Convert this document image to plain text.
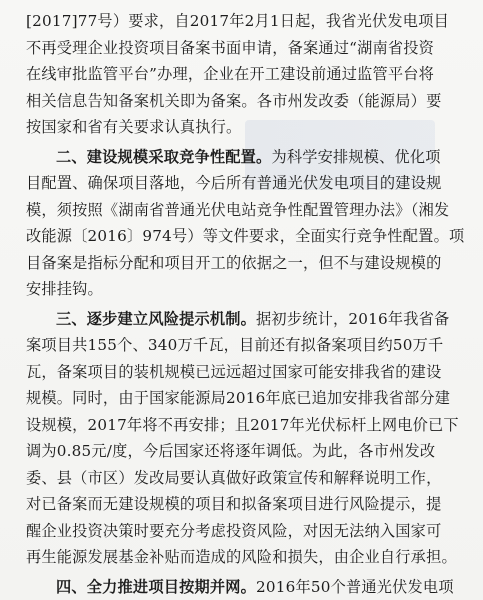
[2017]77号）要求，自2017年2月1日起，我省光伏发电项目
不再受理企业投资项目备案书面申请，备案通过“湖南省投资
在线审批监管平台”办理，企业在开工建设前通过监管平台将
相关信息告知备案机关即为备案。各市州发改委（能源局）要
按国家和省有关要求认真执行。
二、建设规模采取竞争性配置。为科学安排规模、优化项
目配置、确保项目落地，今后所有普通光伏发电项目的建设规
模，须按照《湖南省普通光伏电站竞争性配置管理办法》（湘发
改能源〔2016〕974号）等文件要求，全面实行竞争性配置。项
目备案是指标分配和项目开工的依据之一，但不与建设规模的
安排挂钩。
三、逐步建立风险提示机制。据初步统计，2016年我省备
案项目共155个、340万千瓦，目前还有拟备案项目约50万千
瓦，备案项目的装机规模已远远超过国家可能安排我省的建设
规模。同时，由于国家能源局2016年底已追加安排我省部分建
设规模，2017年将不再安排；且2017年光伏标杆上网电价已下
调为0.85元/度，今后国家还将逐年调低。为此，各市州发改
委、县（市区）发改局要认真做好政策宣传和解释说明工作，
对已备案而无建设规模的项目和拟备案项目进行风险提示，提
醒企业投资决策时要充分考虑投资风险，对因无法纳入国家可
再生能源发展基金补贴而造成的风险和损失，由企业自行承担。
四、全力推进项目按期并网。2016年50个普通光伏发电项
